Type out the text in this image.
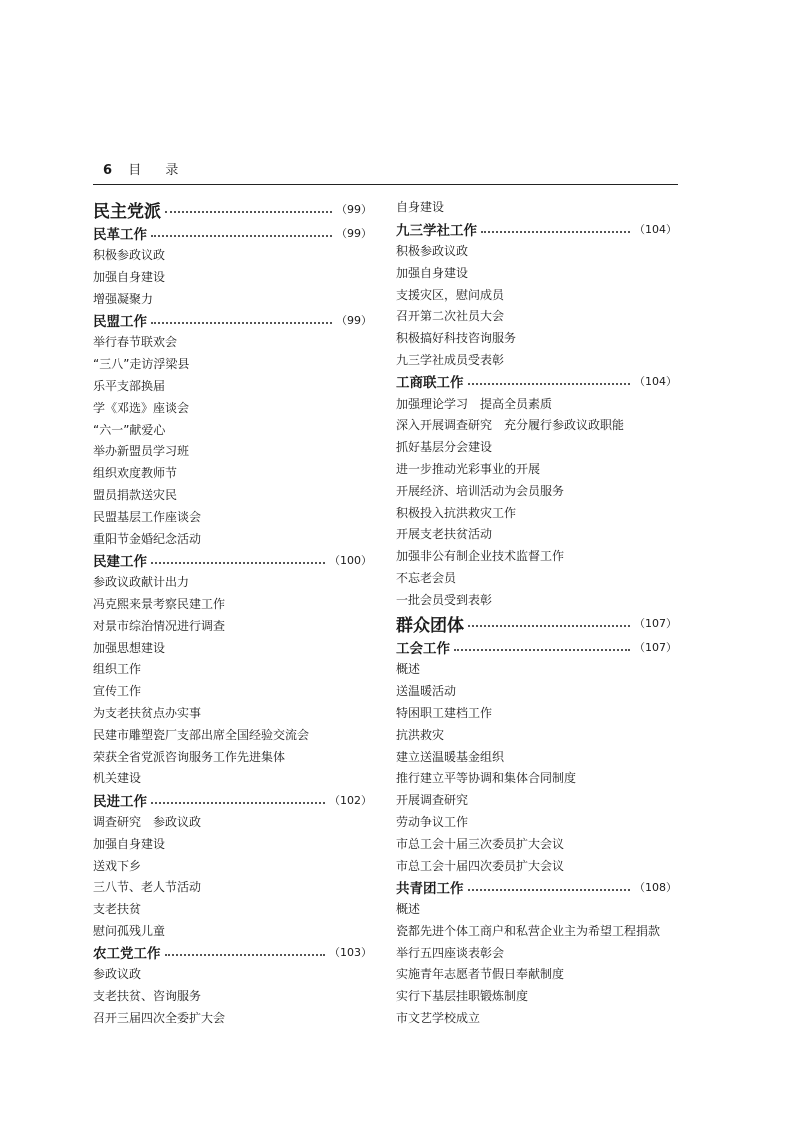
6 目 录
民主党派	（99）
民革工作	（99）
积极参政议政
加强自身建设
增强凝聚力
民盟工作	（99）
举行春节联欢会
“三八”走访浮梁县
乐平支部换届
学《邓选》座谈会
“六一”献爱心
举办新盟员学习班
组织欢度教师节
盟员捐款送灾民
民盟基层工作座谈会
重阳节金婚纪念活动
民建工作	（100）
参政议政献计出力
冯克熙来景考察民建工作
对景市综治情况进行调查
加强思想建设
组织工作
宣传工作
为支老扶贫点办实事
民建市雕塑瓷厂支部出席全国经验交流会
荣获全省党派咨询服务工作先进集体
机关建设
民进工作	（102）
调查研究　参政议政
加强自身建设
送戏下乡
三八节、老人节活动
支老扶贫
慰问孤残儿童
农工党工作	（103）
参政议政
支老扶贫、咨询服务
召开三届四次全委扩大会
自身建设
九三学社工作	（104）
积极参政议政
加强自身建设
支援灾区，慰问成员
召开第二次社员大会
积极搞好科技咨询服务
九三学社成员受表彰
工商联工作	（104）
加强理论学习　提高全员素质
深入开展调查研究　充分履行参政议政职能
抓好基层分会建设
进一步推动光彩事业的开展
开展经济、培训活动为会员服务
积极投入抗洪救灾工作
开展支老扶贫活动
加强非公有制企业技术监督工作
不忘老会员
一批会员受到表彰
群众团体	（107）
工会工作	（107）
概述
送温暖活动
特困职工建档工作
抗洪救灾
建立送温暖基金组织
推行建立平等协调和集体合同制度
开展调查研究
劳动争议工作
市总工会十届三次委员扩大会议
市总工会十届四次委员扩大会议
共青团工作	（108）
概述
瓷都先进个体工商户和私营企业主为希望工程捐款
举行五四座谈表彰会
实施青年志愿者节假日奉献制度
实行下基层挂职锻炼制度
市文艺学校成立
